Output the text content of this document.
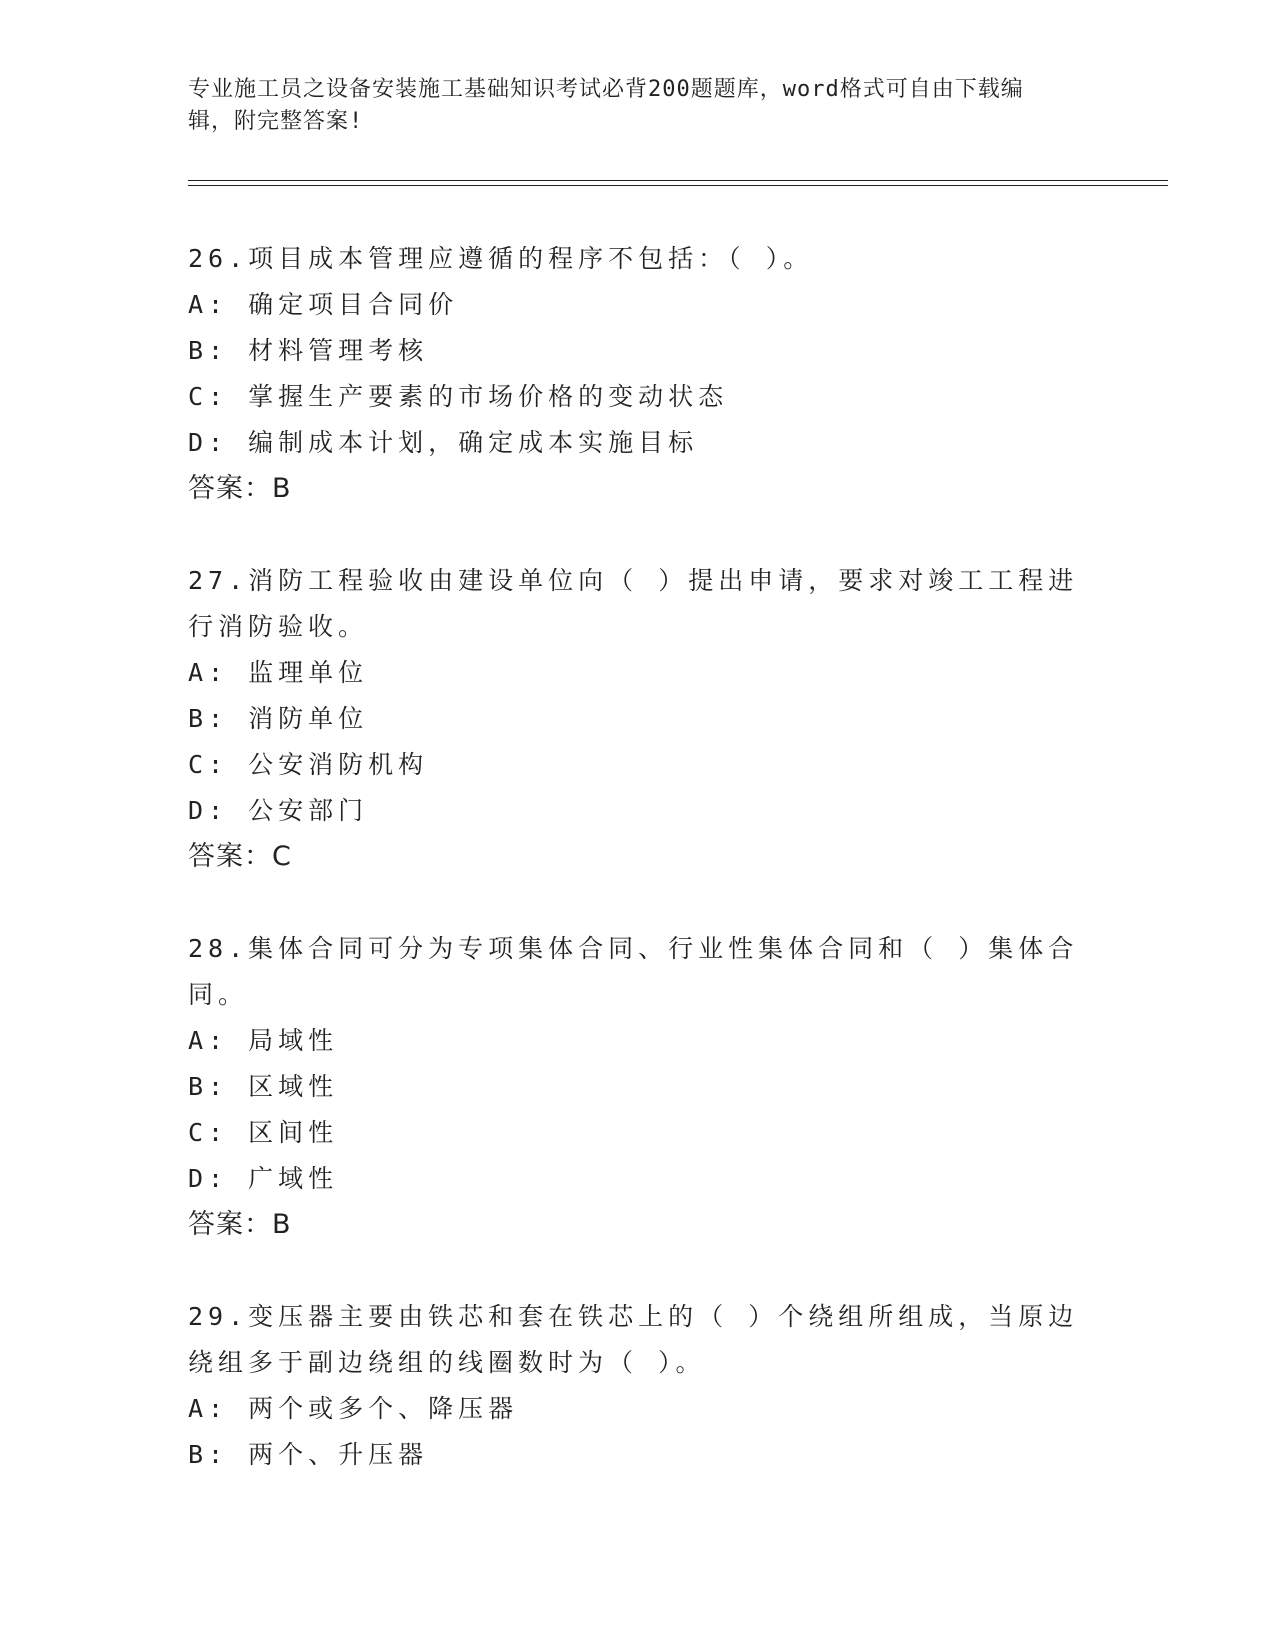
专业施工员之设备安装施工基础知识考试必背200题题库，word格式可自由下载编辑，附完整答案!
26.项目成本管理应遵循的程序不包括：（ ）。
A: 确定项目合同价
B: 材料管理考核
C: 掌握生产要素的市场价格的变动状态
D: 编制成本计划，确定成本实施目标
答案：B
27.消防工程验收由建设单位向（ ）提出申请，要求对竣工工程进行消防验收。
A: 监理单位
B: 消防单位
C: 公安消防机构
D: 公安部门
答案：C
28.集体合同可分为专项集体合同、行业性集体合同和（ ）集体合同。
A: 局域性
B: 区域性
C: 区间性
D: 广域性
答案：B
29.变压器主要由铁芯和套在铁芯上的（ ）个绕组所组成，当原边绕组多于副边绕组的线圈数时为（ ）。
A: 两个或多个、降压器
B: 两个、升压器
